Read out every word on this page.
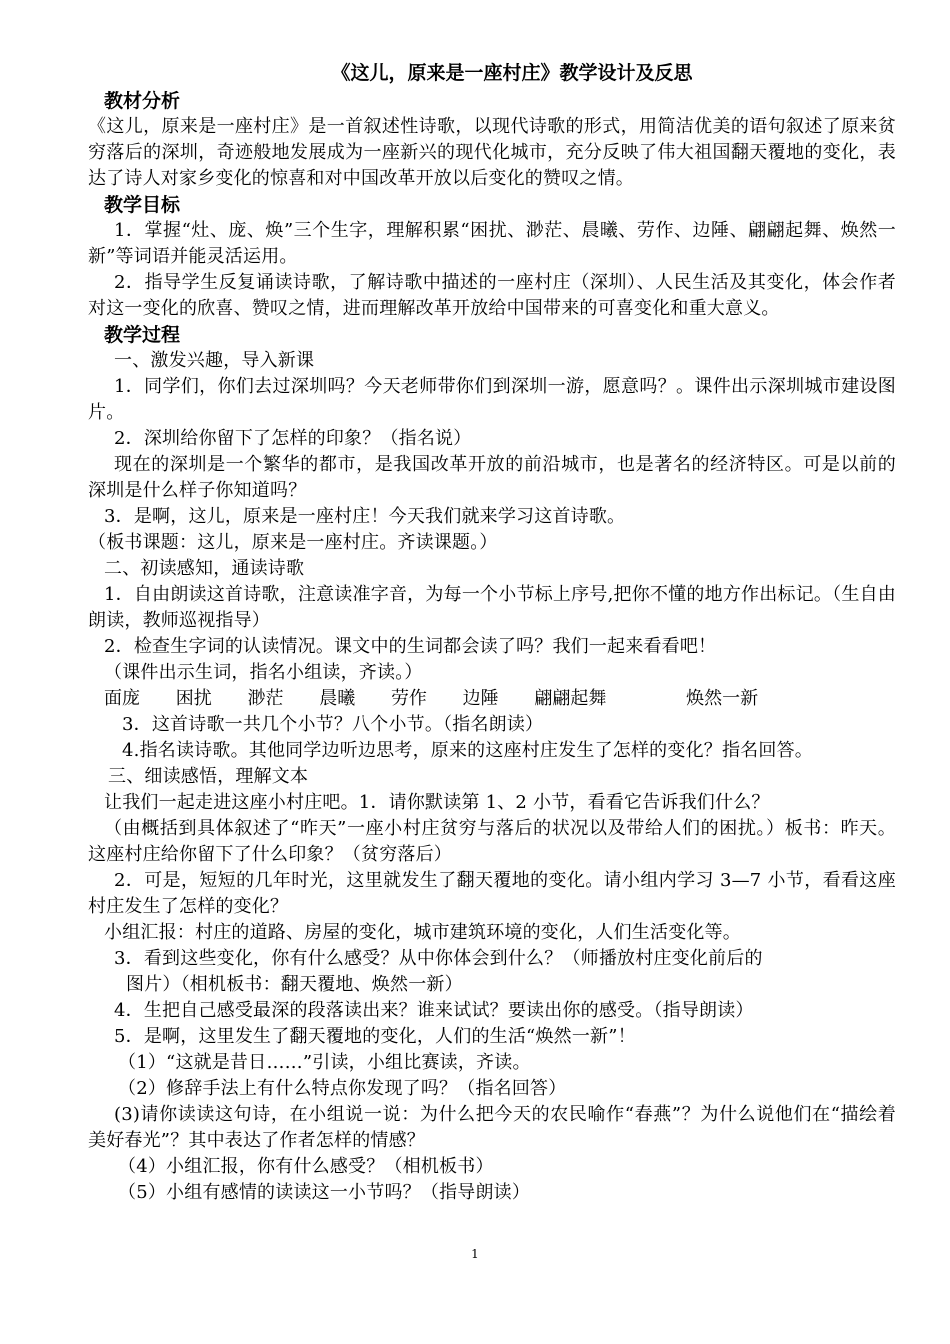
《这儿，原来是一座村庄》教学设计及反思
教材分析

《这儿，原来是一座村庄》是一首叙述性诗歌，以现代诗歌的形式，用简洁优美的语句叙述了原来贫穷落后的深圳，奇迹般地发展成为一座新兴的现代化城市，充分反映了伟大祖国翻天覆地的变化，表达了诗人对家乡变化的惊喜和对中国改革开放以后变化的赞叹之情。

教学目标

1．掌握“灶、庞、焕”三个生字，理解积累“困扰、渺茫、晨曦、劳作、边陲、翩翩起舞、焕然一新”等词语并能灵活运用。

2．指导学生反复诵读诗歌，了解诗歌中描述的一座村庄（深圳）、人民生活及其变化，体会作者对这一变化的欣喜、赞叹之情，进而理解改革开放给中国带来的可喜变化和重大意义。

教学过程

一、激发兴趣，导入新课

1．同学们，你们去过深圳吗？今天老师带你们到深圳一游，愿意吗？。课件出示深圳城市建设图片。

2．深圳给你留下了怎样的印象？（指名说）

现在的深圳是一个繁华的都市，是我国改革开放的前沿城市，也是著名的经济特区。可是以前的深圳是什么样子你知道吗？

3．是啊，这儿，原来是一座村庄！今天我们就来学习这首诗歌。

（板书课题：这儿，原来是一座村庄。齐读课题。）

二、初读感知，通读诗歌

1．自由朗读这首诗歌，注意读准字音，为每一个小节标上序号,把你不懂的地方作出标记。（生自由朗读，教师巡视指导）

2．检查生字词的认读情况。课文中的生词都会读了吗？我们一起来看看吧！

（课件出示生词，指名小组读，齐读。）

面庞 困扰 渺茫 晨曦 劳作 边陲 翩翩起舞	焕然一新

3．这首诗歌一共几个小节？八个小节。（指名朗读）

4.指名读诗歌。其他同学边听边思考，原来的这座村庄发生了怎样的变化？指名回答。

三、细读感悟，理解文本

让我们一起走进这座小村庄吧。1．请你默读第 1、2 小节，看看它告诉我们什么？

（由概括到具体叙述了“昨天”一座小村庄贫穷与落后的状况以及带给人们的困扰。）板书：昨天。这座村庄给你留下了什么印象？（贫穷落后）

2．可是，短短的几年时光，这里就发生了翻天覆地的变化。请小组内学习 3—7 小节，看看这座村庄发生了怎样的变化？

小组汇报：村庄的道路、房屋的变化，城市建筑环境的变化，人们生活变化等。

3．看到这些变化，你有什么感受？从中你体会到什么？（师播放村庄变化前后的

图片）（相机板书：翻天覆地、焕然一新）

4．生把自己感受最深的段落读出来？谁来试试？要读出你的感受。（指导朗读）

5．是啊，这里发生了翻天覆地的变化，人们的生活“焕然一新”！

（1）“这就是昔日……”引读，小组比赛读，齐读。

（2）修辞手法上有什么特点你发现了吗？（指名回答）

(3)请你读读这句诗，在小组说一说：为什么把今天的农民喻作“春燕”？为什么说他们在“描绘着美好春光”？其中表达了作者怎样的情感？

（4）小组汇报，你有什么感受？（相机板书）

（5）小组有感情的读读这一小节吗？（指导朗读）

1
